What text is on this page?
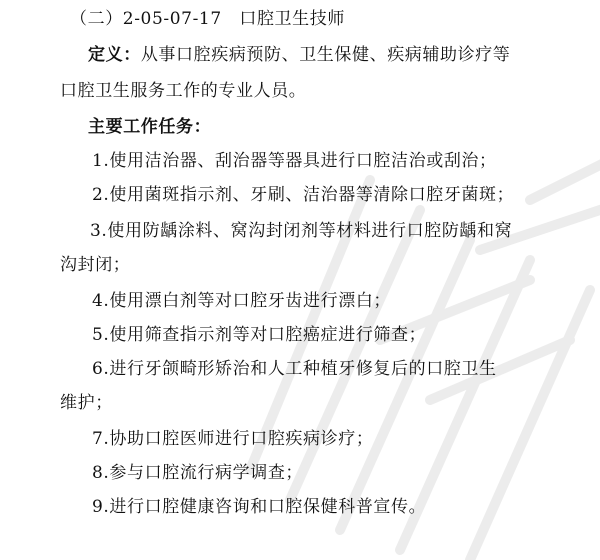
（二）2-05-07-17　口腔卫生技师
定义：从事口腔疾病预防、卫生保健、疾病辅助诊疗等
口腔卫生服务工作的专业人员。
主要工作任务：
1.使用洁治器、刮治器等器具进行口腔洁治或刮治；
2.使用菌斑指示剂、牙刷、洁治器等清除口腔牙菌斑；
3.使用防龋涂料、窝沟封闭剂等材料进行口腔防龋和窝
沟封闭；
4.使用漂白剂等对口腔牙齿进行漂白；
5.使用筛查指示剂等对口腔癌症进行筛查；
6.进行牙颌畸形矫治和人工种植牙修复后的口腔卫生
维护；
7.协助口腔医师进行口腔疾病诊疗；
8.参与口腔流行病学调查；
9.进行口腔健康咨询和口腔保健科普宣传。
